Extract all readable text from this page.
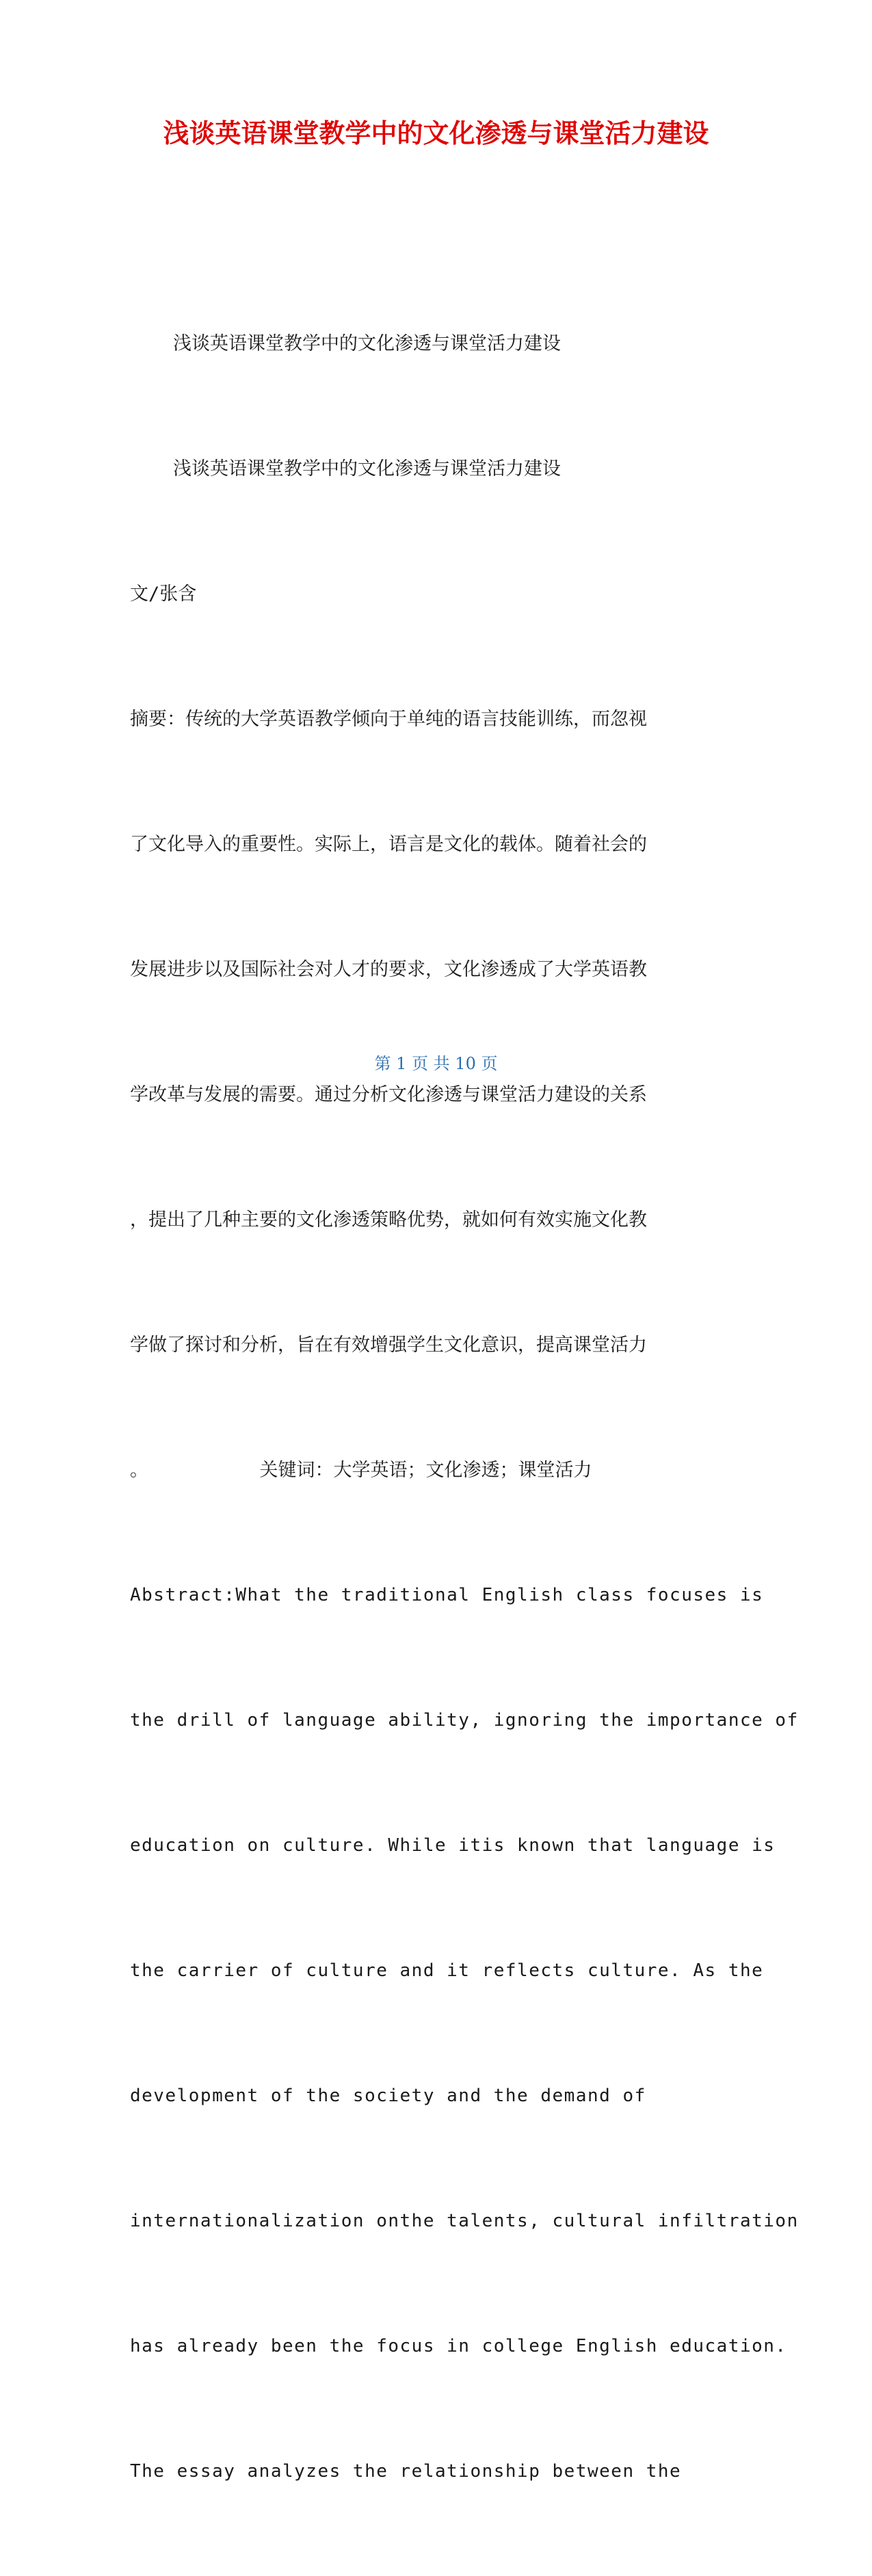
浅谈英语课堂教学中的文化渗透与课堂活力建设

浅谈英语课堂教学中的文化渗透与课堂活力建设

浅谈英语课堂教学中的文化渗透与课堂活力建设

文/张含

摘要：传统的大学英语教学倾向于单纯的语言技能训练，而忽视

了文化导入的重要性。实际上，语言是文化的载体。随着社会的

发展进步以及国际社会对人才的要求，文化渗透成了大学英语教

学改革与发展的需要。通过分析文化渗透与课堂活力建设的关系

，提出了几种主要的文化渗透策略优势，就如何有效实施文化教

学做了探讨和分析，旨在有效增强学生文化意识，提高课堂活力

。          关键词：大学英语；文化渗透；课堂活力

Abstract:What the traditional English class focuses is

the drill of language ability, ignoring the importance of

education on culture. While itis known that language is

the carrier of culture and it reflects culture. As the

development of the society and the demand of

internationalization onthe talents, cultural infiltration

has already been the focus in college English education.

The essay analyzes the relationship between the

第 1 页 共 10 页
